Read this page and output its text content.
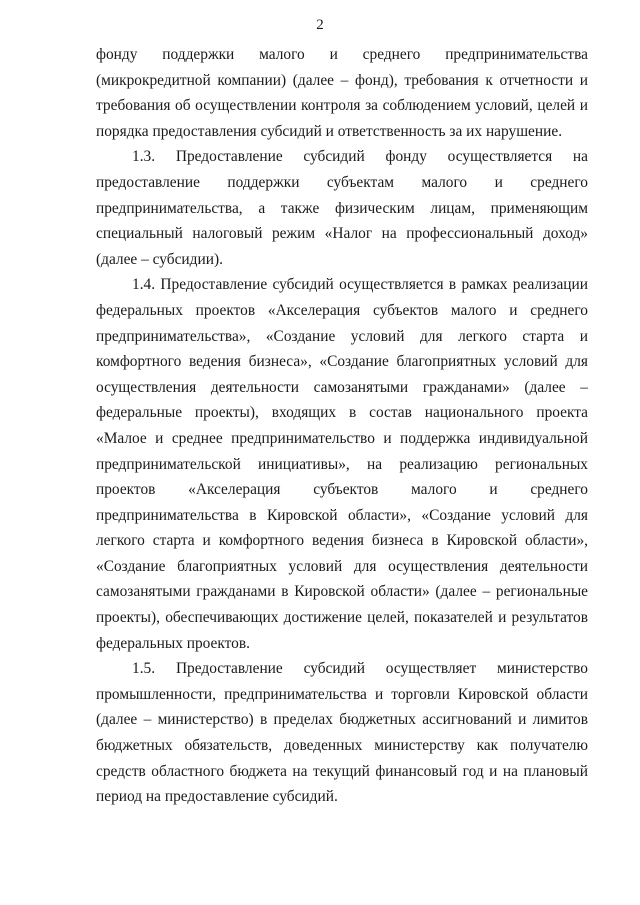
2

фонду поддержки малого и среднего предпринимательства (микрокредитной компании) (далее – фонд), требования к отчетности и требования об осуществлении контроля за соблюдением условий, целей и порядка предоставления субсидий и ответственность за их нарушение.

1.3. Предоставление субсидий фонду осуществляется на предоставление поддержки субъектам малого и среднего предпринимательства, а также физическим лицам, применяющим специальный налоговый режим «Налог на профессиональный доход» (далее – субсидии).

1.4. Предоставление субсидий осуществляется в рамках реализации федеральных проектов «Акселерация субъектов малого и среднего предпринимательства», «Создание условий для легкого старта и комфортного ведения бизнеса», «Создание благоприятных условий для осуществления деятельности самозанятыми гражданами» (далее – федеральные проекты), входящих в состав национального проекта «Малое и среднее предпринимательство и поддержка индивидуальной предпринимательской инициативы», на реализацию региональных проектов «Акселерация субъектов малого и среднего предпринимательства в Кировской области», «Создание условий для легкого старта и комфортного ведения бизнеса в Кировской области», «Создание благоприятных условий для осуществления деятельности самозанятыми гражданами в Кировской области» (далее – региональные проекты), обеспечивающих достижение целей, показателей и результатов федеральных проектов.

1.5. Предоставление субсидий осуществляет министерство промышленности, предпринимательства и торговли Кировской области (далее – министерство) в пределах бюджетных ассигнований и лимитов бюджетных обязательств, доведенных министерству как получателю средств областного бюджета на текущий финансовый год и на плановый период на предоставление субсидий.
